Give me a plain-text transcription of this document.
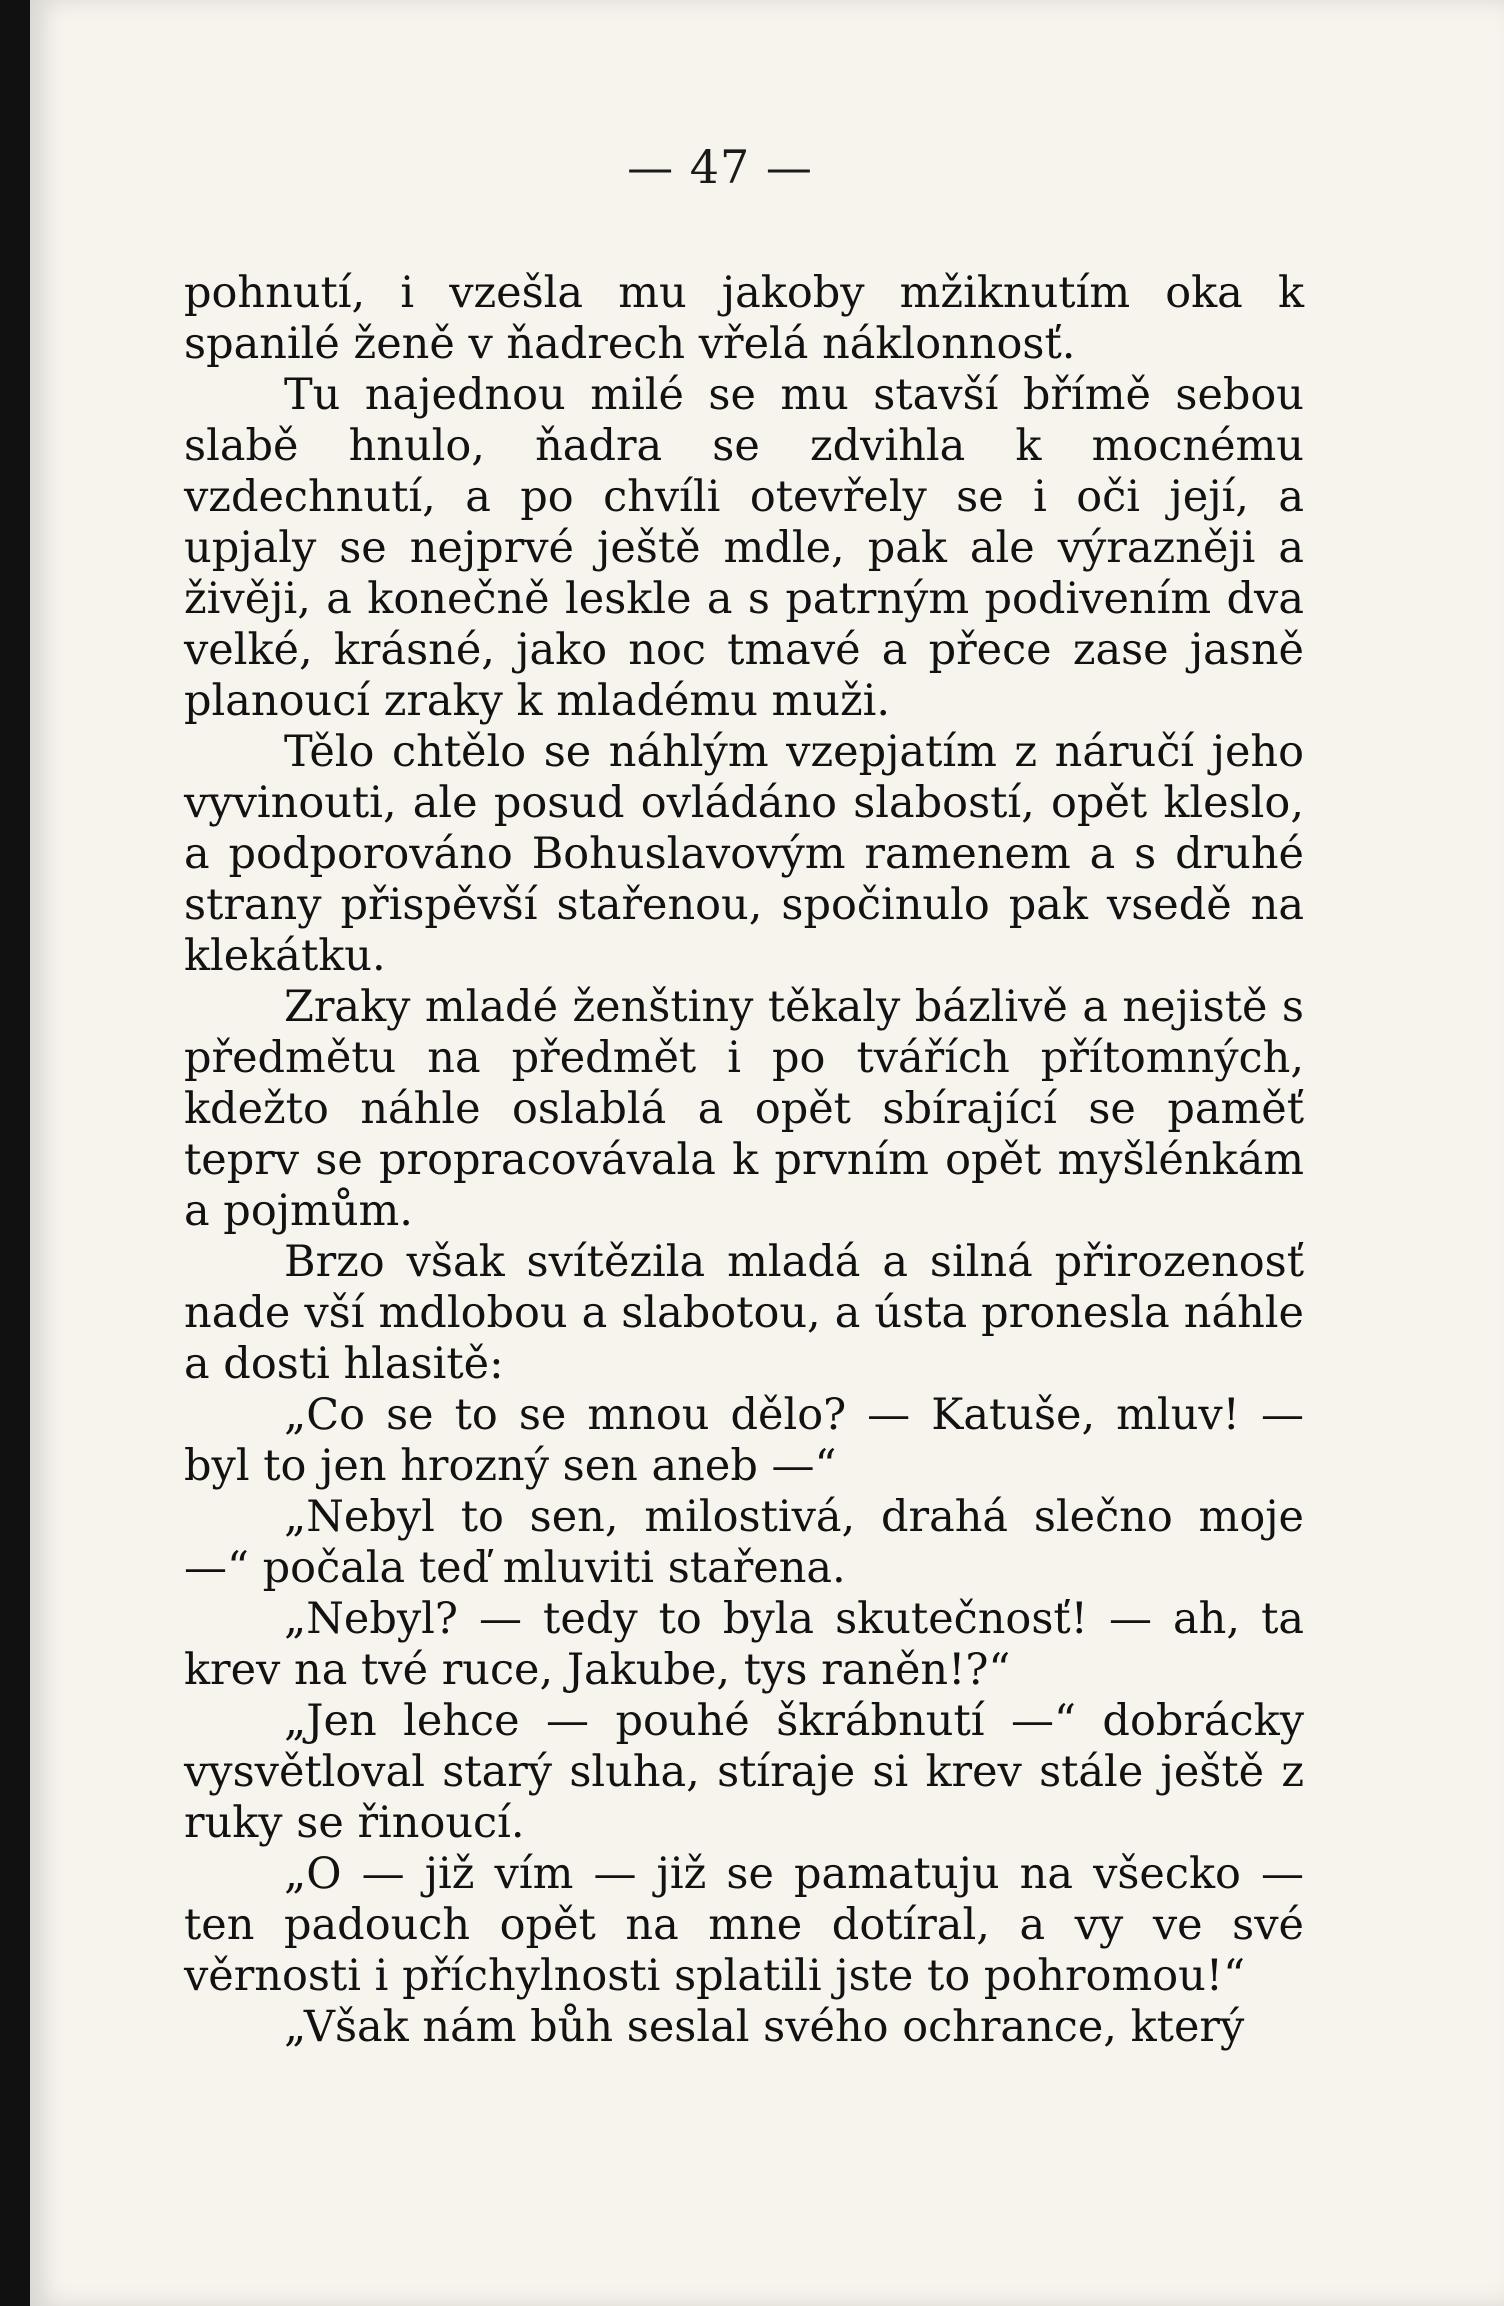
— 47 —

pohnutí, i vzešla mu jakoby mžiknutím oka k spanilé ženě v ňadrech vřelá náklonnosť.

Tu najednou milé se mu stavší břímě sebou slabě hnulo, ňadra se zdvihla k mocnému vzdechnutí, a po chvíli otevřely se i oči její, a upjaly se nejprvé ještě mdle, pak ale výrazněji a živěji, a konečně leskle a s patrným podivením dva velké, krásné, jako noc tmavé a přece zase jasně planoucí zraky k mladému muži.

Tělo chtělo se náhlým vzepjatím z náručí jeho vyvinouti, ale posud ovládáno slabostí, opět kleslo, a podporováno Bohuslavovým ramenem a s druhé strany přispěvší stařenou, spočinulo pak vsedě na klekátku.

Zraky mladé ženštiny těkaly bázlivě a nejistě s předmětu na předmět i po tvářích přítomných, kdežto náhle oslablá a opět sbírající se paměť teprv se propracovávala k prvním opět myšlénkám a pojmům.

Brzo však svítězila mladá a silná přirozenosť nade vší mdlobou a slabotou, a ústa pronesla náhle a dosti hlasitě:

„Co se to se mnou dělo? — Katuše, mluv! — byl to jen hrozný sen aneb —“

„Nebyl to sen, milostivá, drahá slečno moje —“ počala teď mluviti stařena.

„Nebyl? — tedy to byla skutečnosť! — ah, ta krev na tvé ruce, Jakube, tys raněn!?“

„Jen lehce — pouhé škrábnutí —“ dobrácky vysvětloval starý sluha, stíraje si krev stále ještě z ruky se řinoucí.

„O — již vím — již se pamatuju na všecko — ten padouch opět na mne dotíral, a vy ve své věrnosti i příchylnosti splatili jste to pohromou!“

„Však nám bůh seslal svého ochrance, který
